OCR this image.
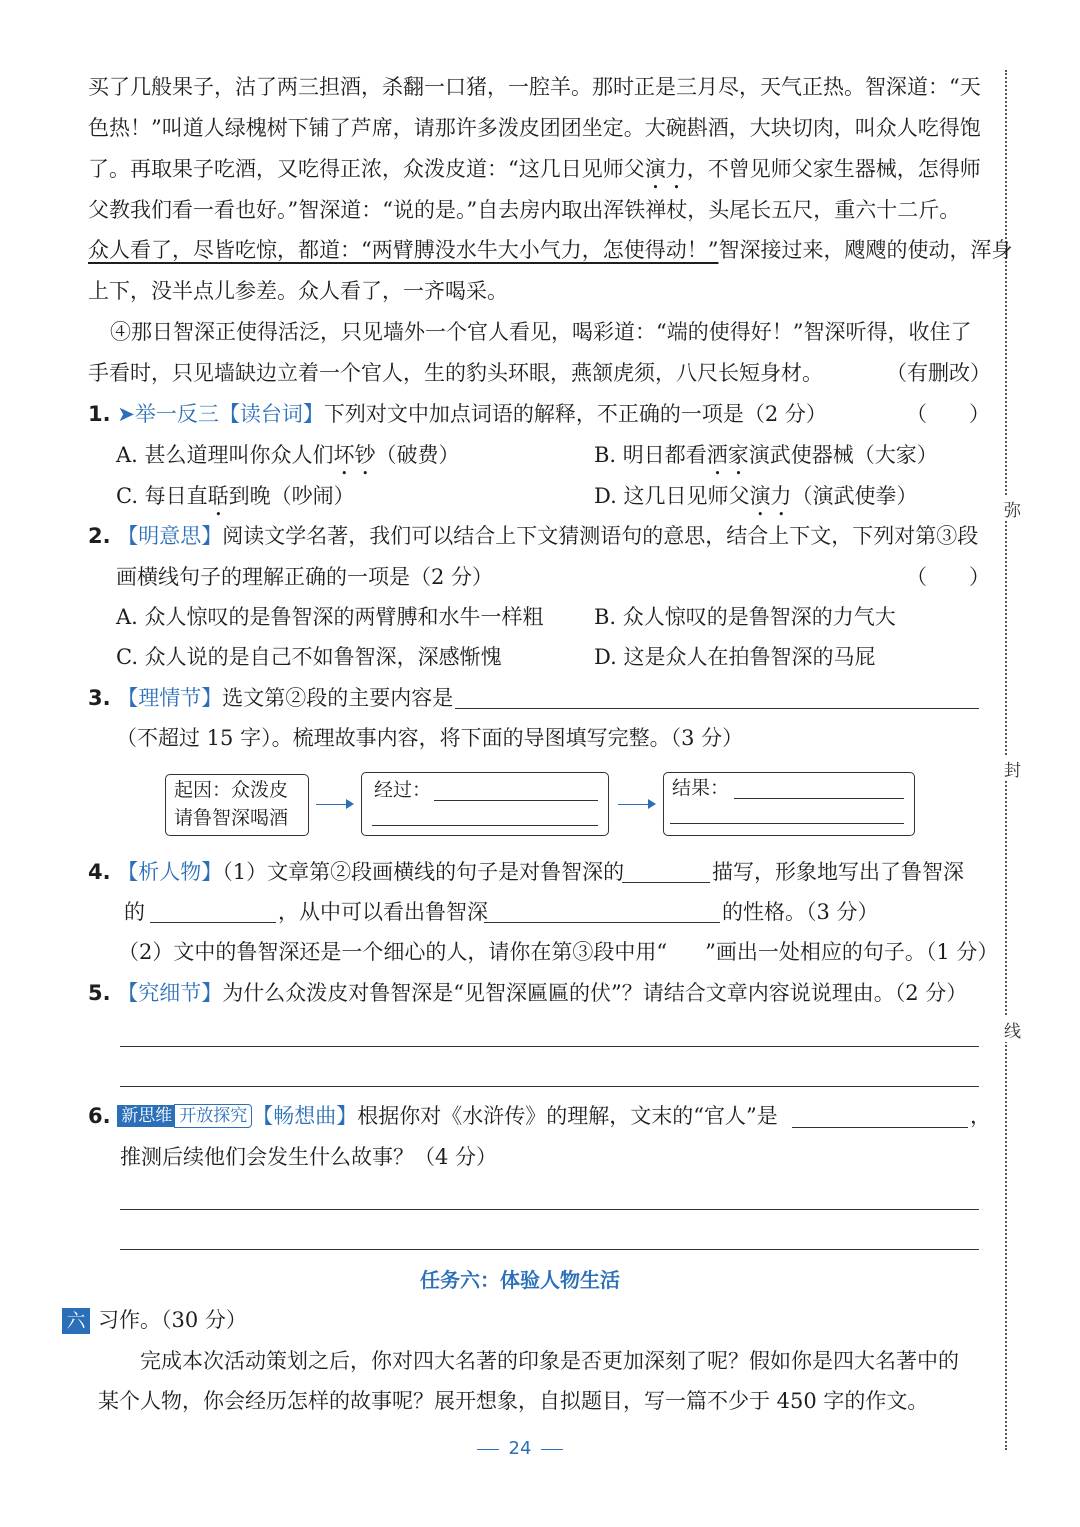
弥
封
线
买了几般果子，沽了两三担酒，杀翻一口猪，一腔羊。那时正是三月尽，天气正热。智深道：“天
色热！”叫道人绿槐树下铺了芦席，请那许多泼皮团团坐定。大碗斟酒，大块切肉，叫众人吃得饱
了。再取果子吃酒，又吃得正浓，众泼皮道：“这几日见师父演力，不曾见师父家生器械，怎得师
父教我们看一看也好。”智深道：“说的是。”自去房内取出浑铁禅杖，头尾长五尺，重六十二斤。
众人看了，尽皆吃惊，都道：“两臂膊没水牛大小气力，怎使得动！”智深接过来，飕飕的使动，浑身
上下，没半点儿参差。众人看了，一齐喝采。
④那日智深正使得活泛，只见墙外一个官人看见，喝彩道：“端的使得好！”智深听得，收住了
手看时，只见墙缺边立着一个官人，生的豹头环眼，燕颔虎须，八尺长短身材。	（有删改）
1. ➤举一反三【读台词】下列对文中加点词语的解释，不正确的一项是（2 分）	（　　）
A. 甚么道理叫你众人们坏钞（破费）	B. 明日都看洒家演武使器械（大家）
C. 每日直聒到晚（吵闹）	D. 这几日见师父演力（演武使拳）
2. 【明意思】阅读文学名著，我们可以结合上下文猜测语句的意思，结合上下文，下列对第③段
画横线句子的理解正确的一项是（2 分）	（　　）
A. 众人惊叹的是鲁智深的两臂膊和水牛一样粗 B. 众人惊叹的是鲁智深的力气大
C. 众人说的是自己不如鲁智深，深感惭愧	D. 这是众人在拍鲁智深的马屁
3. 【理情节】选文第②段的主要内容是
（不超过 15 字）。梳理故事内容，将下面的导图填写完整。（3 分）
起因：众泼皮
请鲁智深喝酒
经过：	结果：
4. 【析人物】（1）文章第②段画横线的句子是对鲁智深的	描写，形象地写出了鲁智深
的	，从中可以看出鲁智深	的性格。（3 分）
（2）文中的鲁智深还是一个细心的人，请你在第③段中用“ ”画出一处相应的句子。（1 分）
5. 【究细节】为什么众泼皮对鲁智深是“见智深匾匾的伏”？请结合文章内容说说理由。（2 分）
6. 新思维 开放探究 【畅想曲】根据你对《水浒传》的理解，文末的“官人”是	，
推测后续他们会发生什么故事？（4 分）
任务六：体验人物生活
六 习作。（30 分）
完成本次活动策划之后，你对四大名著的印象是否更加深刻了呢？假如你是四大名著中的
某个人物，你会经历怎样的故事呢？展开想象，自拟题目，写一篇不少于 450 字的作文。
24
